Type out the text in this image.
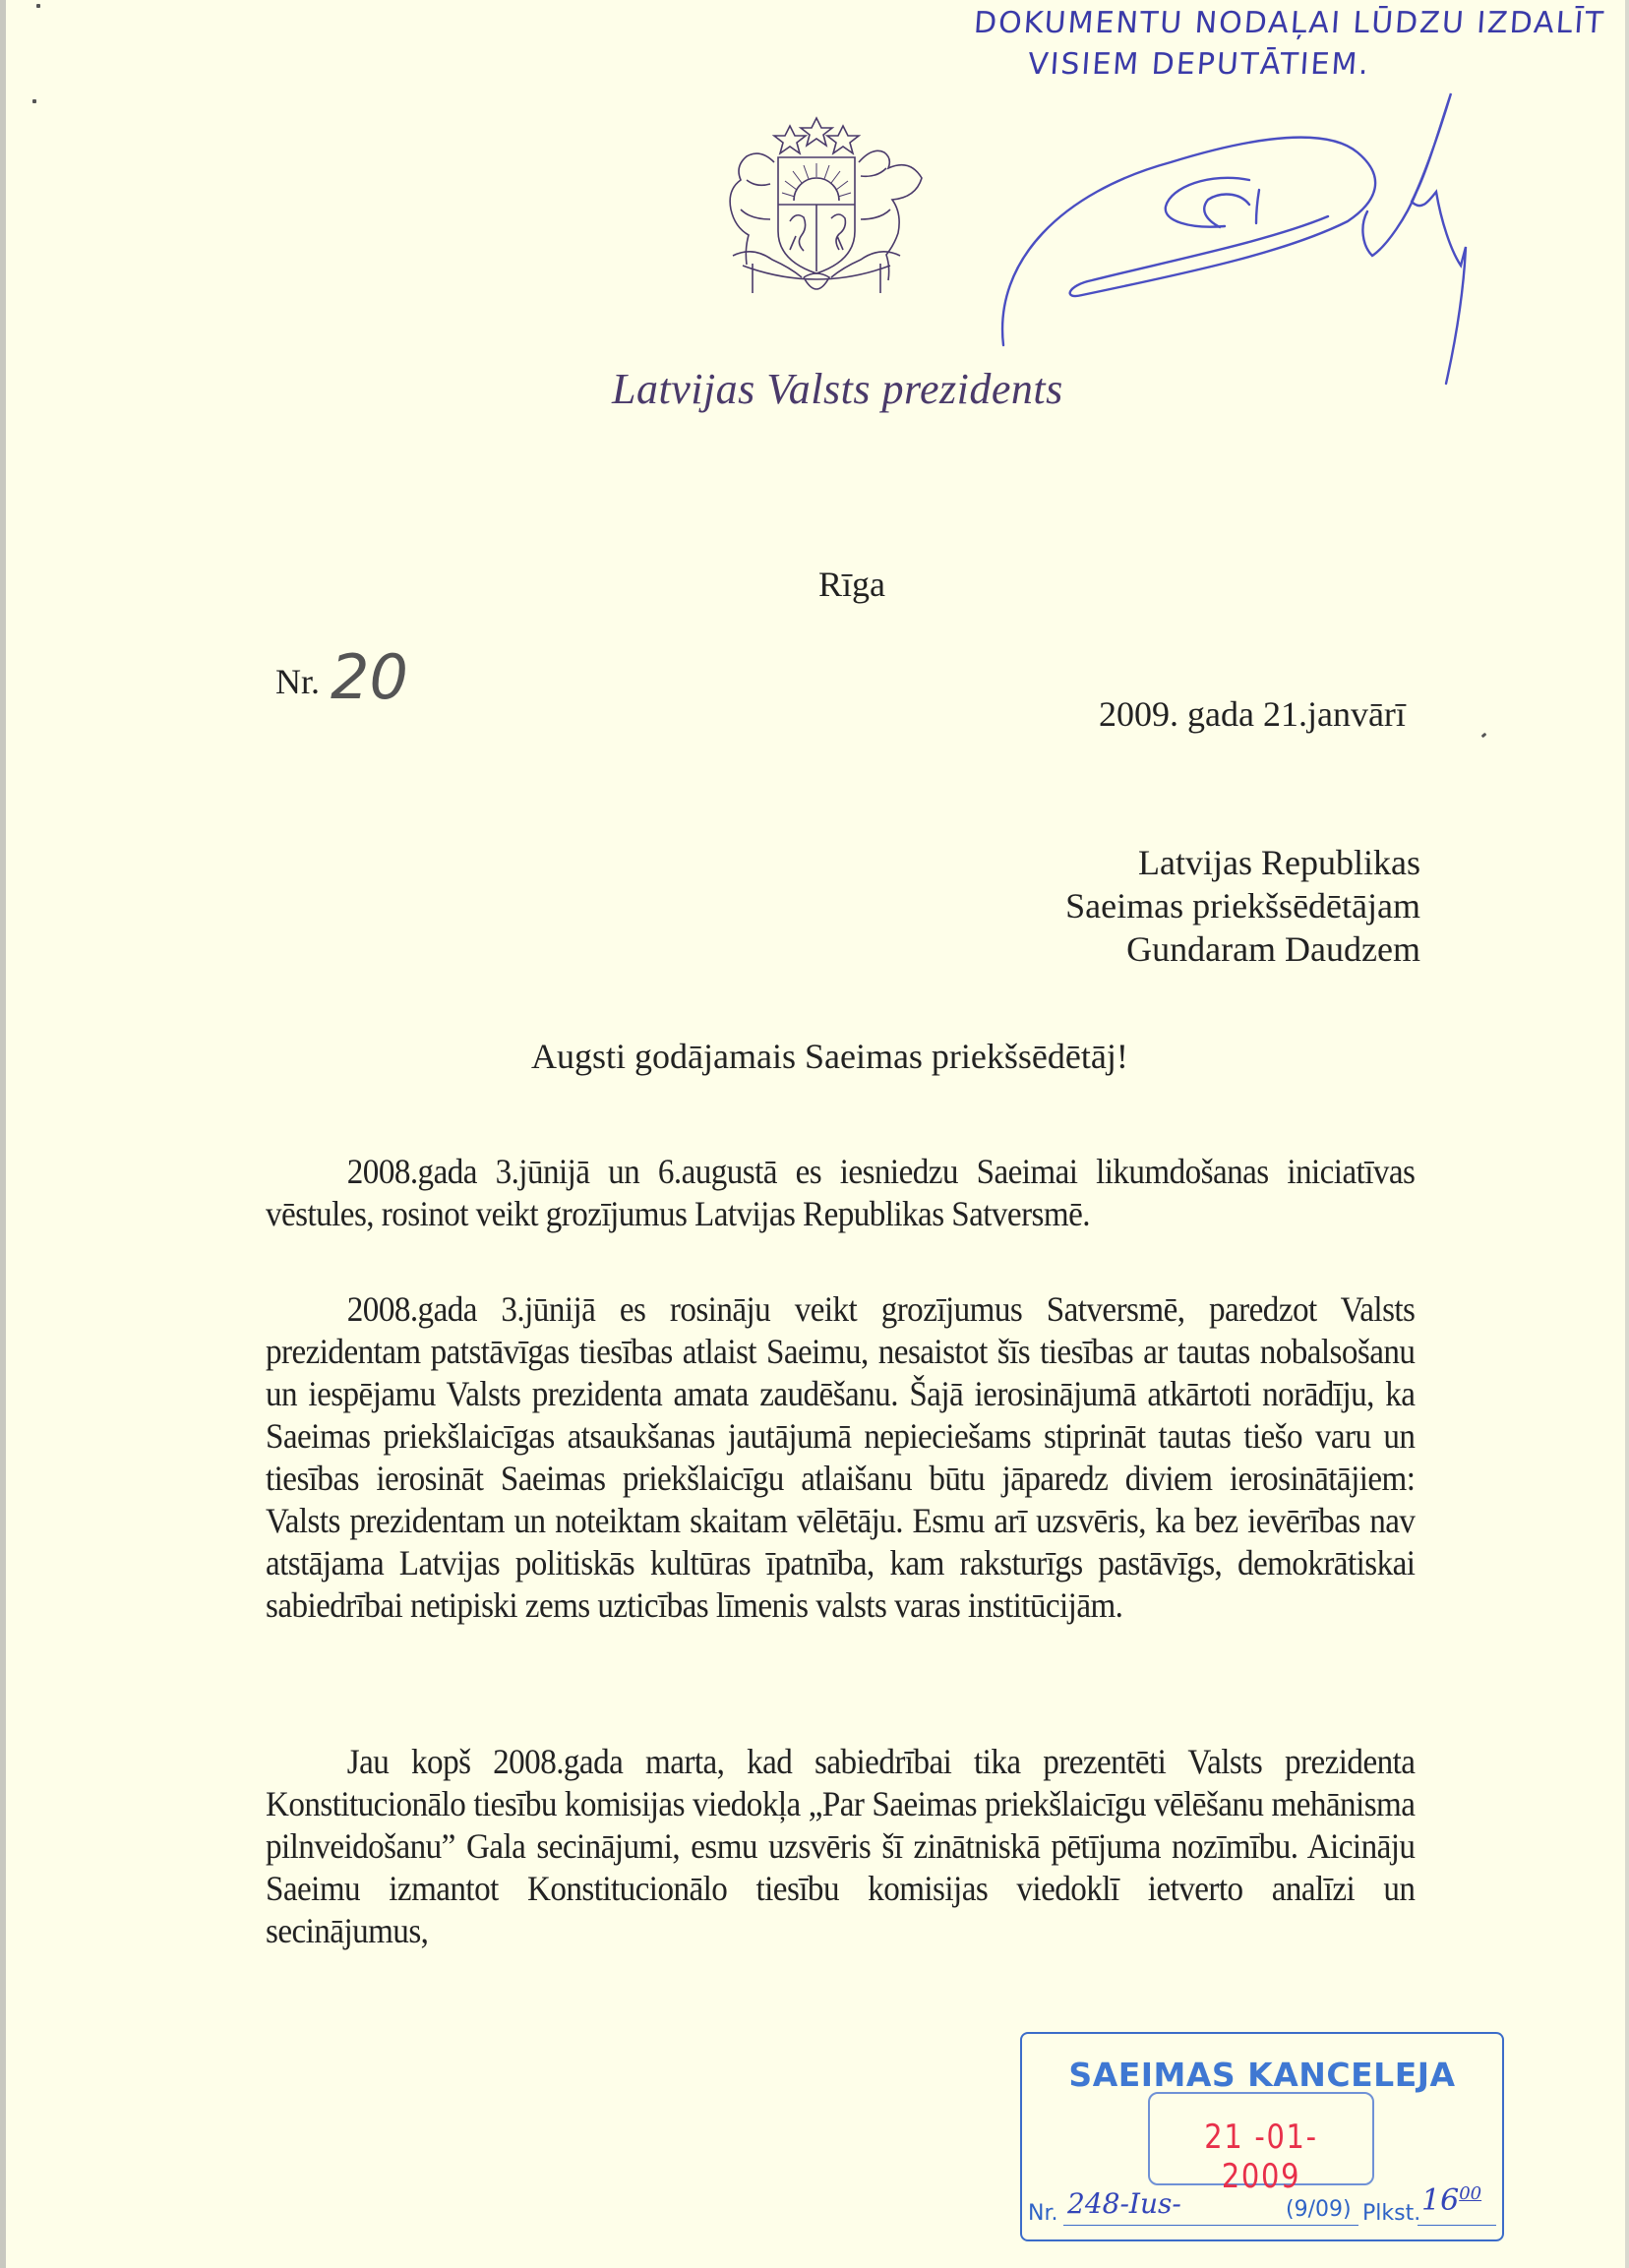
DOKUMENTU NODAĻAI LŪDZU IZDALĪT
VISIEM DEPUTĀTIEM.
Latvijas Valsts prezidents
Rīga
Nr. 20
2009. gada 21.janvārī
Latvijas Republikas
Saeimas priekšsēdētājam
Gundaram Daudzem
Augsti godājamais Saeimas priekšsēdētāj!
2008.gada 3.jūnijā un 6.augustā es iesniedzu Saeimai likumdošanas iniciatīvas vēstules, rosinot veikt grozījumus Latvijas Republikas Satversmē.
2008.gada 3.jūnijā es rosināju veikt grozījumus Satversmē, paredzot Valsts prezidentam patstāvīgas tiesības atlaist Saeimu, nesaistot šīs tiesības ar tautas nobalsošanu un iespējamu Valsts prezidenta amata zaudēšanu. Šajā ierosinājumā atkārtoti norādīju, ka Saeimas priekšlaicīgas atsaukšanas jautājumā nepieciešams stiprināt tautas tiešo varu un tiesības ierosināt Saeimas priekšlaicīgu atlaišanu būtu jāparedz diviem ierosinātājiem: Valsts prezidentam un noteiktam skaitam vēlētāju. Esmu arī uzsvēris, ka bez ievērības nav atstājama Latvijas politiskās kultūras īpatnība, kam raksturīgs pastāvīgs, demokrātiskai sabiedrībai netipiski zems uzticības līmenis valsts varas institūcijām.
Jau kopš 2008.gada marta, kad sabiedrībai tika prezentēti Valsts prezidenta Konstitucionālo tiesību komisijas viedokļa „Par Saeimas priekšlaicīgu vēlēšanu mehānisma pilnveidošanu” Gala secinājumi, esmu uzsvēris šī zinātniskā pētījuma nozīmību. Aicināju Saeimu izmantot Konstitucionālo tiesību komisijas viedoklī ietverto analīzi un secinājumus,
SAEIMAS KANCELEJA
21 -01- 2009
Nr. 248-Ius-	(9/09) Plkst. $16^{00}$
